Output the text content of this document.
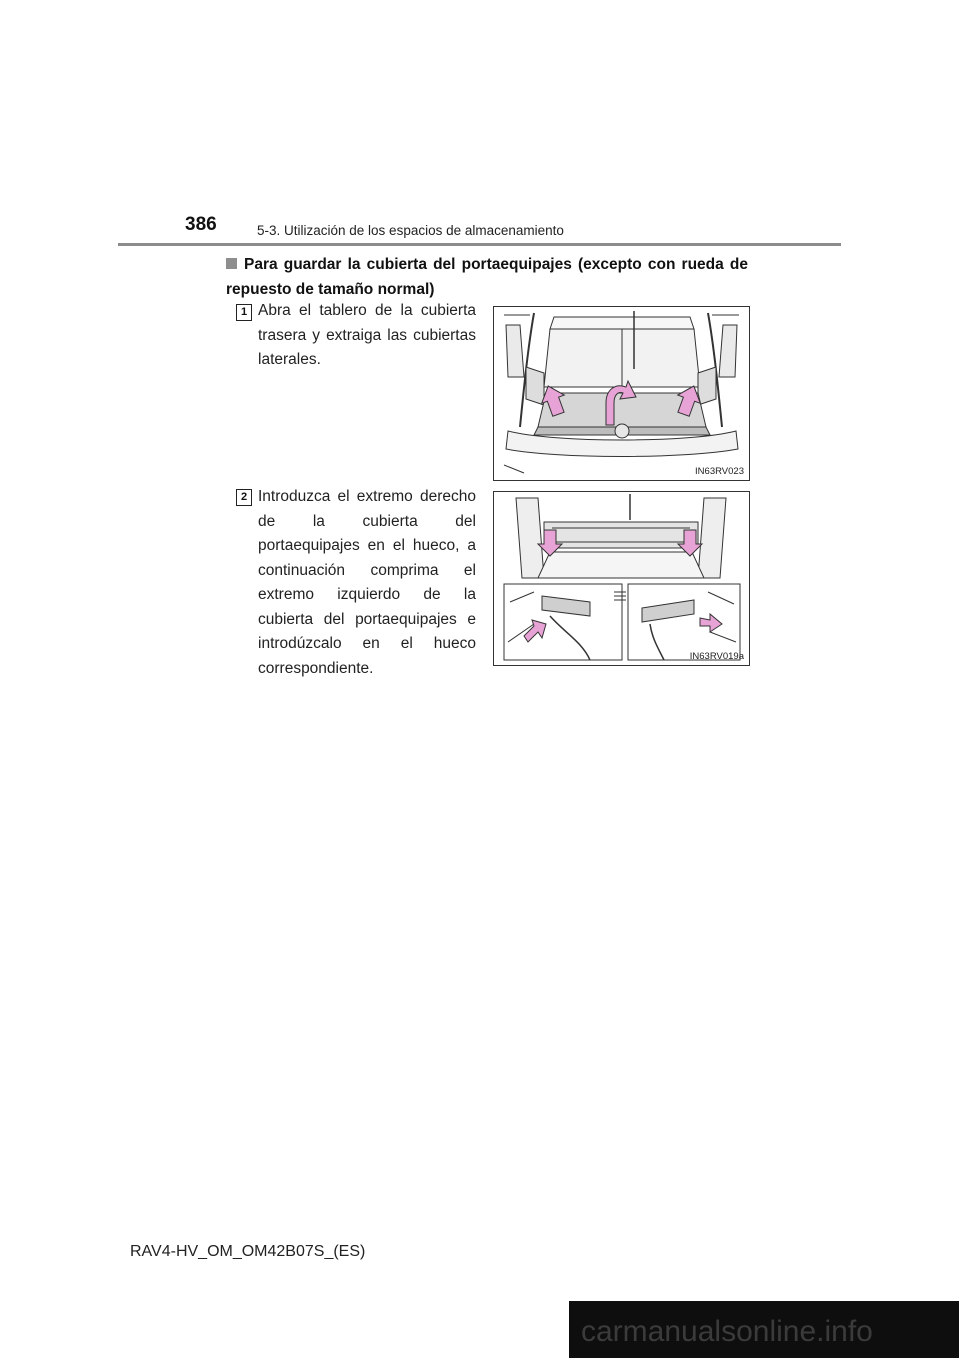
386	5-3. Utilización de los espacios de almacenamiento
Para guardar la cubierta del portaequipajes (excepto con rueda de repuesto de tamaño normal)
1 Abra el tablero de la cubierta trasera y extraiga las cubiertas laterales.
IN63RV023
2 Introduzca el extremo derecho de la cubierta del portaequipajes en el hueco, a continuación comprima el extremo izquierdo de la cubierta del portaequipajes e introdúzcalo en el hueco correspondiente.
IN63RV019a
RAV4-HV_OM_OM42B07S_(ES)
carmanualsonline.info
